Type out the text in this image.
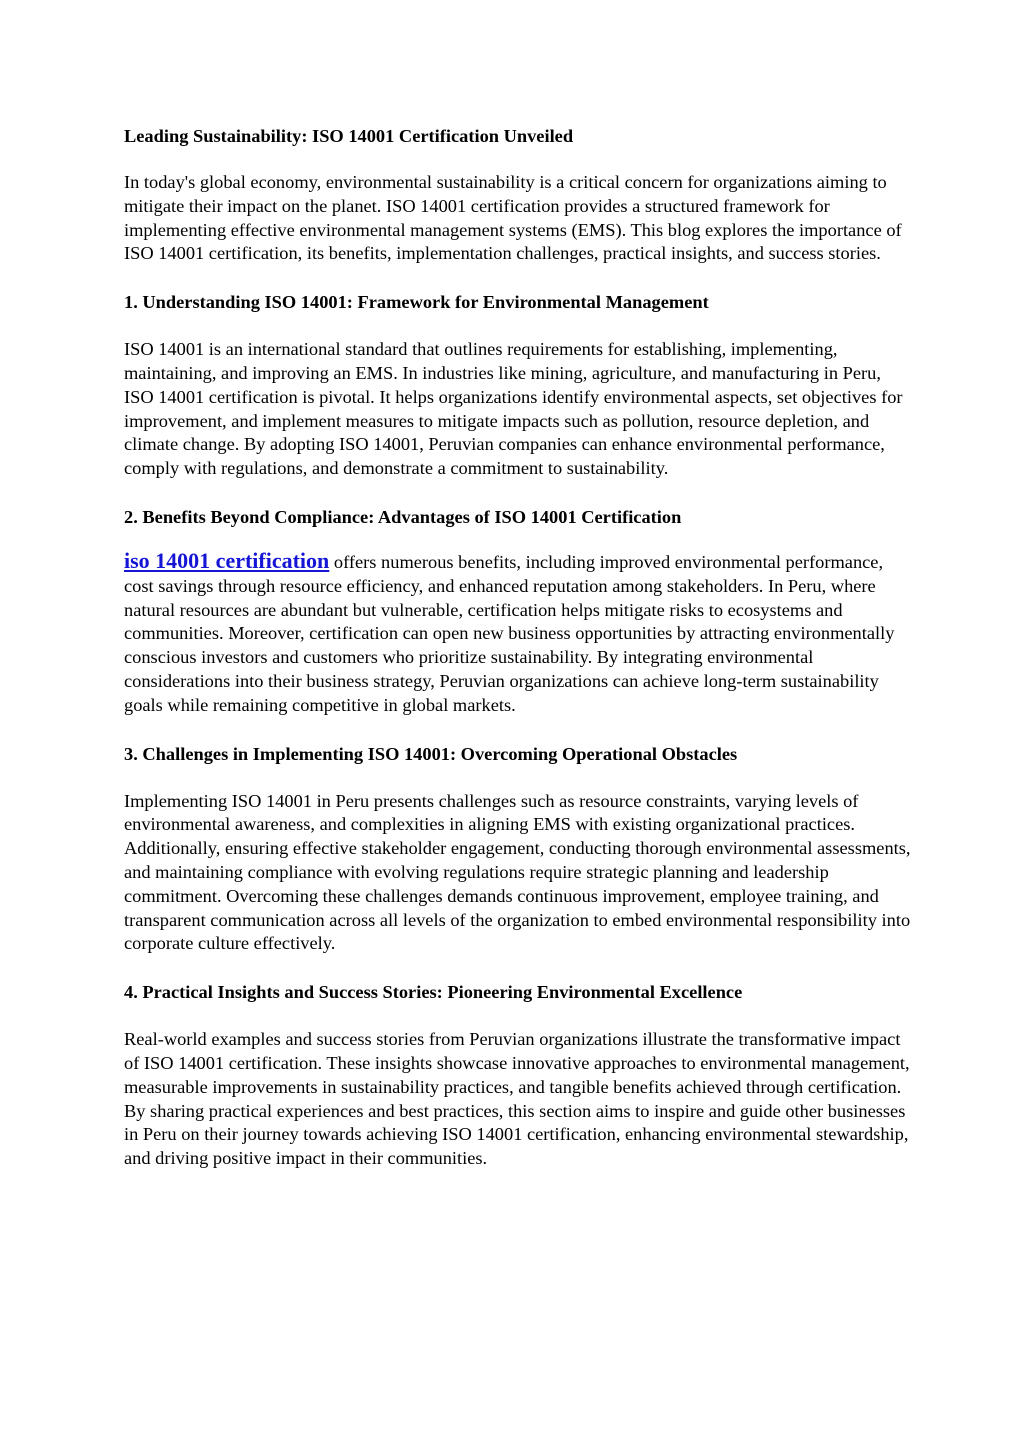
Leading Sustainability: ISO 14001 Certification Unveiled

In today's global economy, environmental sustainability is a critical concern for organizations aiming to mitigate their impact on the planet. ISO 14001 certification provides a structured framework for implementing effective environmental management systems (EMS). This blog explores the importance of ISO 14001 certification, its benefits, implementation challenges, practical insights, and success stories.

1. Understanding ISO 14001: Framework for Environmental Management

ISO 14001 is an international standard that outlines requirements for establishing, implementing, maintaining, and improving an EMS. In industries like mining, agriculture, and manufacturing in Peru, ISO 14001 certification is pivotal. It helps organizations identify environmental aspects, set objectives for improvement, and implement measures to mitigate impacts such as pollution, resource depletion, and climate change. By adopting ISO 14001, Peruvian companies can enhance environmental performance, comply with regulations, and demonstrate a commitment to sustainability.

2. Benefits Beyond Compliance: Advantages of ISO 14001 Certification

iso 14001 certification offers numerous benefits, including improved environmental performance, cost savings through resource efficiency, and enhanced reputation among stakeholders. In Peru, where natural resources are abundant but vulnerable, certification helps mitigate risks to ecosystems and communities. Moreover, certification can open new business opportunities by attracting environmentally conscious investors and customers who prioritize sustainability. By integrating environmental considerations into their business strategy, Peruvian organizations can achieve long-term sustainability goals while remaining competitive in global markets.

3. Challenges in Implementing ISO 14001: Overcoming Operational Obstacles

Implementing ISO 14001 in Peru presents challenges such as resource constraints, varying levels of environmental awareness, and complexities in aligning EMS with existing organizational practices. Additionally, ensuring effective stakeholder engagement, conducting thorough environmental assessments, and maintaining compliance with evolving regulations require strategic planning and leadership commitment. Overcoming these challenges demands continuous improvement, employee training, and transparent communication across all levels of the organization to embed environmental responsibility into corporate culture effectively.

4. Practical Insights and Success Stories: Pioneering Environmental Excellence

Real-world examples and success stories from Peruvian organizations illustrate the transformative impact of ISO 14001 certification. These insights showcase innovative approaches to environmental management, measurable improvements in sustainability practices, and tangible benefits achieved through certification. By sharing practical experiences and best practices, this section aims to inspire and guide other businesses in Peru on their journey towards achieving ISO 14001 certification, enhancing environmental stewardship, and driving positive impact in their communities.
